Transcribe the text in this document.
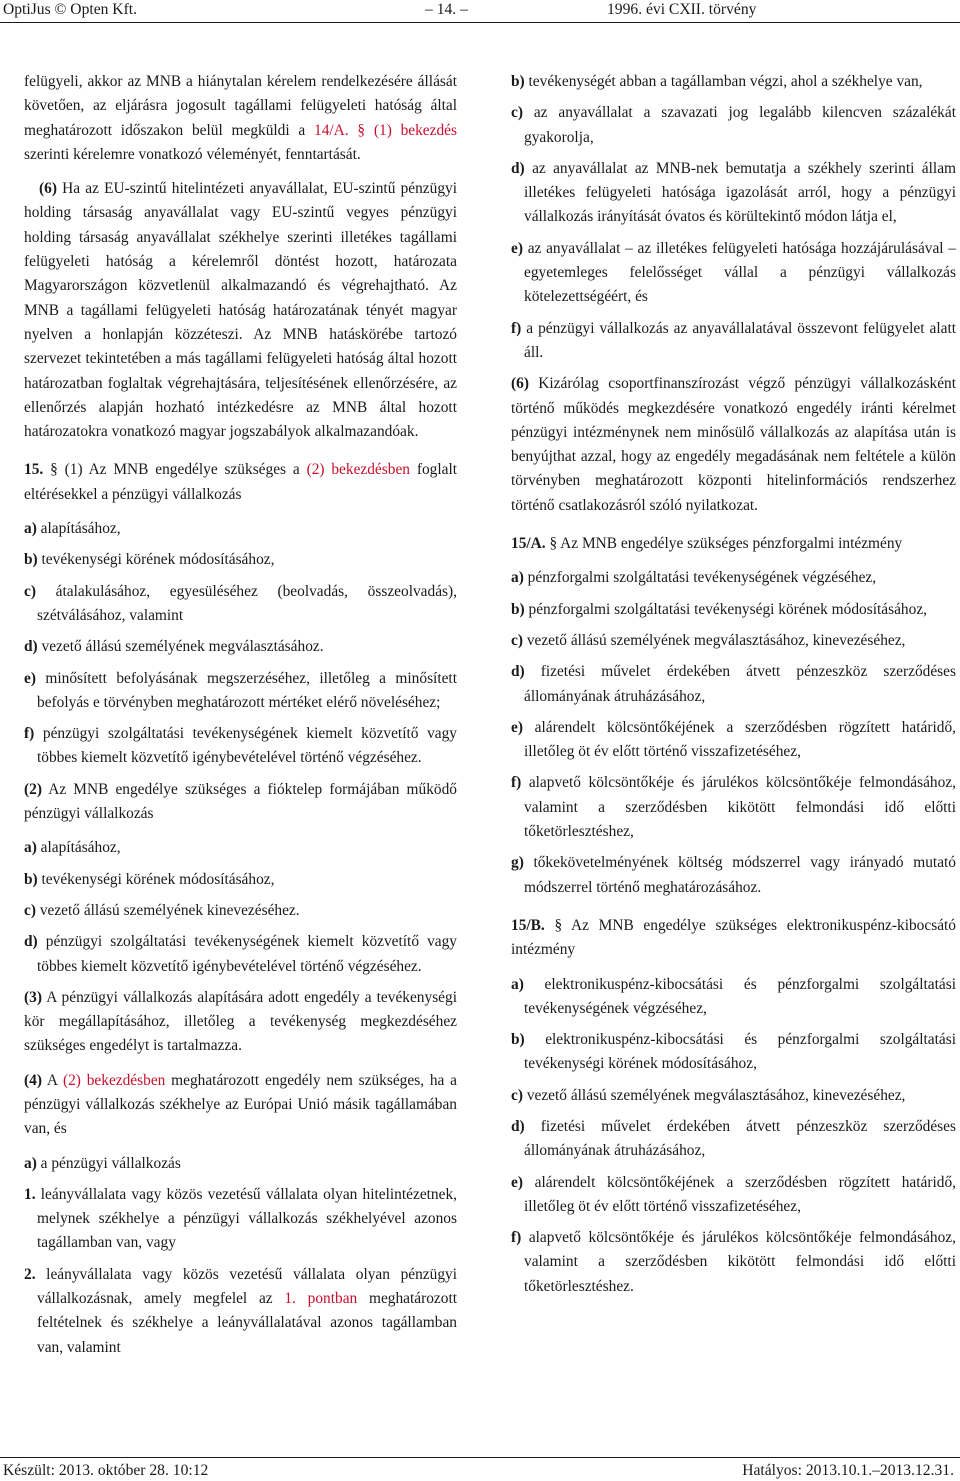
OptiJus © Opten Kft.	– 14. –	1996. évi CXII. törvény

felügyeli, akkor az MNB a hiánytalan kérelem rendelkezésére állását követően, az eljárásra jogosult tagállami felügyeleti hatóság által meghatározott időszakon belül megküldi a 14/A. § (1) bekezdés szerinti kérelemre vonatkozó véleményét, fenntartását.

(6) Ha az EU-szintű hitelintézeti anyavállalat, EU-szintű pénzügyi holding társaság anyavállalat vagy EU-szintű vegyes pénzügyi holding társaság anyavállalat székhelye szerinti illetékes tagállami felügyeleti hatóság a kérelemről döntést hozott, határozata Magyarországon közvetlenül alkalmazandó és végrehajtható. Az MNB a tagállami felügyeleti hatóság határozatának tényét magyar nyelven a honlapján közzéteszi. Az MNB hatáskörébe tartozó szervezet tekintetében a más tagállami felügyeleti hatóság által hozott határozatban foglaltak végrehajtására, teljesítésének ellenőrzésére, az ellenőrzés alapján hozható intézkedésre az MNB által hozott határozatokra vonatkozó magyar jogszabályok alkalmazandóak.

15. § (1) Az MNB engedélye szükséges a (2) bekezdésben foglalt eltérésekkel a pénzügyi vállalkozás

a) alapításához,

b) tevékenységi körének módosításához,

c) átalakulásához, egyesüléséhez (beolvadás, összeolvadás), szétválásához, valamint

d) vezető állású személyének megválasztásához.

e) minősített befolyásának megszerzéséhez, illetőleg a minősített befolyás e törvényben meghatározott mértéket elérő növeléséhez;

f) pénzügyi szolgáltatási tevékenységének kiemelt közvetítő vagy többes kiemelt közvetítő igénybevételével történő végzéséhez.

(2) Az MNB engedélye szükséges a fióktelep formájában működő pénzügyi vállalkozás

a) alapításához,

b) tevékenységi körének módosításához,

c) vezető állású személyének kinevezéséhez.

d) pénzügyi szolgáltatási tevékenységének kiemelt közvetítő vagy többes kiemelt közvetítő igénybevételével történő végzéséhez.

(3) A pénzügyi vállalkozás alapítására adott engedély a tevékenységi kör megállapításához, illetőleg a tevékenység megkezdéséhez szükséges engedélyt is tartalmazza.

(4) A (2) bekezdésben meghatározott engedély nem szükséges, ha a pénzügyi vállalkozás székhelye az Európai Unió másik tagállamában van, és

a) a pénzügyi vállalkozás

1. leányvállalata vagy közös vezetésű vállalata olyan hitelintézetnek, melynek székhelye a pénzügyi vállalkozás székhelyével azonos tagállamban van, vagy

2. leányvállalata vagy közös vezetésű vállalata olyan pénzügyi vállalkozásnak, amely megfelel az 1. pontban meghatározott feltételnek és székhelye a leányvállalatával azonos tagállamban van, valamint

b) tevékenységét abban a tagállamban végzi, ahol a székhelye van,

c) az anyavállalat a szavazati jog legalább kilencven százalékát gyakorolja,

d) az anyavállalat az MNB-nek bemutatja a székhely szerinti állam illetékes felügyeleti hatósága igazolását arról, hogy a pénzügyi vállalkozás irányítását óvatos és körültekintő módon látja el,

e) az anyavállalat – az illetékes felügyeleti hatósága hozzájárulásával – egyetemleges felelősséget vállal a pénzügyi vállalkozás kötelezettségéért, és

f) a pénzügyi vállalkozás az anyavállalatával összevont felügyelet alatt áll.

(6) Kizárólag csoportfinanszírozást végző pénzügyi vállalkozásként történő működés megkezdésére vonatkozó engedély iránti kérelmet pénzügyi intézménynek nem minősülő vállalkozás az alapítása után is benyújthat azzal, hogy az engedély megadásának nem feltétele a külön törvényben meghatározott központi hitelinformációs rendszerhez történő csatlakozásról szóló nyilatkozat.

15/A. § Az MNB engedélye szükséges pénzforgalmi intézmény

a) pénzforgalmi szolgáltatási tevékenységének végzéséhez,

b) pénzforgalmi szolgáltatási tevékenységi körének módosításához,

c) vezető állású személyének megválasztásához, kinevezéséhez,

d) fizetési művelet érdekében átvett pénzeszköz szerződéses állományának átruházásához,

e) alárendelt kölcsöntőkéjének a szerződésben rögzített határidő, illetőleg öt év előtt történő visszafizetéséhez,

f) alapvető kölcsöntőkéje és járulékos kölcsöntőkéje felmondásához, valamint a szerződésben kikötött felmondási idő előtti tőketörlesztéshez,

g) tőkekövetelményének költség módszerrel vagy irányadó mutató módszerrel történő meghatározásához.

15/B. § Az MNB engedélye szükséges elektronikuspénz-kibocsátó intézmény

a) elektronikuspénz-kibocsátási és pénzforgalmi szolgáltatási tevékenységének végzéséhez,

b) elektronikuspénz-kibocsátási és pénzforgalmi szolgáltatási tevékenységi körének módosításához,

c) vezető állású személyének megválasztásához, kinevezéséhez,

d) fizetési művelet érdekében átvett pénzeszköz szerződéses állományának átruházásához,

e) alárendelt kölcsöntőkéjének a szerződésben rögzített határidő, illetőleg öt év előtt történő visszafizetéséhez,

f) alapvető kölcsöntőkéje és járulékos kölcsöntőkéje felmondásához, valamint a szerződésben kikötött felmondási idő előtti tőketörlesztéshez.

Készült: 2013. október 28. 10:12	Hatályos: 2013.10.1.–2013.12.31.
